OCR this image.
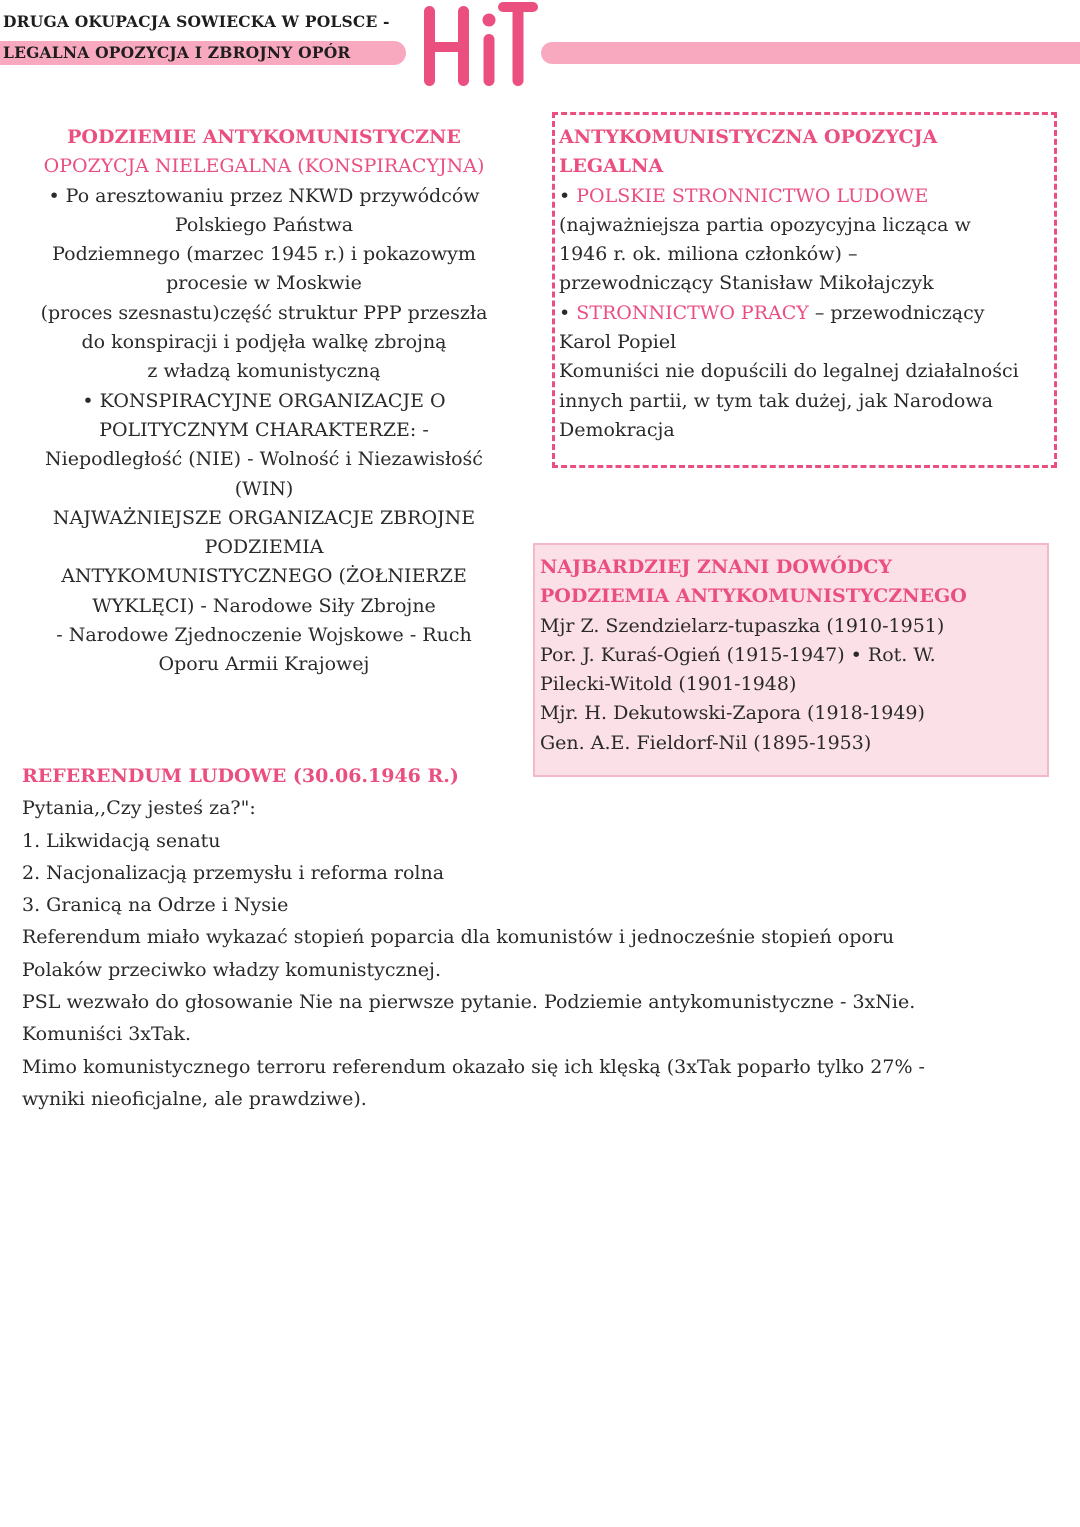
DRUGA OKUPACJA SOWIECKA W POLSCE -
LEGALNA OPOZYCJA I ZBROJNY OPÓR
PODZIEMIE ANTYKOMUNISTYCZNE
OPOZYCJA NIELEGALNA (KONSPIRACYJNA)
• Po aresztowaniu przez NKWD przywódców
Polskiego Państwa
Podziemnego (marzec 1945 r.) i pokazowym
procesie w Moskwie
(proces szesnastu)część struktur PPP przeszła
do konspiracji i podjęła walkę zbrojną
z władzą komunistyczną
• KONSPIRACYJNE ORGANIZACJE O
POLITYCZNYM CHARAKTERZE: -
Niepodległość (NIE) - Wolność i Niezawisłość
(WIN)
NAJWAŻNIEJSZE ORGANIZACJE ZBROJNE
PODZIEMIA
ANTYKOMUNISTYCZNEGO (ŻOŁNIERZE
WYKLĘCI) - Narodowe Siły Zbrojne
- Narodowe Zjednoczenie Wojskowe - Ruch
Oporu Armii Krajowej
ANTYKOMUNISTYCZNA OPOZYCJA
LEGALNA
• POLSKIE STRONNICTWO LUDOWE
(najważniejsza partia opozycyjna licząca w
1946 r. ok. miliona członków) –
przewodniczący Stanisław Mikołajczyk
• STRONNICTWO PRACY – przewodniczący
Karol Popiel
Komuniści nie dopuścili do legalnej działalności
innych partii, w tym tak dużej, jak Narodowa
Demokracja
NAJBARDZIEJ ZNANI DOWÓDCY
PODZIEMIA ANTYKOMUNISTYCZNEGO
Mjr Z. Szendzielarz-tupaszka (1910-1951)
Por. J. Kuraś-Ogień (1915-1947) • Rot. W.
Pilecki-Witold (1901-1948)
Mjr. H. Dekutowski-Zapora (1918-1949)
Gen. A.E. Fieldorf-Nil (1895-1953)
REFERENDUM LUDOWE (30.06.1946 R.)
Pytania,,Czy jesteś za?":
1. Likwidacją senatu
2. Nacjonalizacją przemysłu i reforma rolna
3. Granicą na Odrze i Nysie
Referendum miało wykazać stopień poparcia dla komunistów i jednocześnie stopień oporu
Polaków przeciwko władzy komunistycznej.
PSL wezwało do głosowanie Nie na pierwsze pytanie. Podziemie antykomunistyczne - 3xNie.
Komuniści 3xTak.
Mimo komunistycznego terroru referendum okazało się ich klęską (3xTak poparło tylko 27% -
wyniki nieoficjalne, ale prawdziwe).
